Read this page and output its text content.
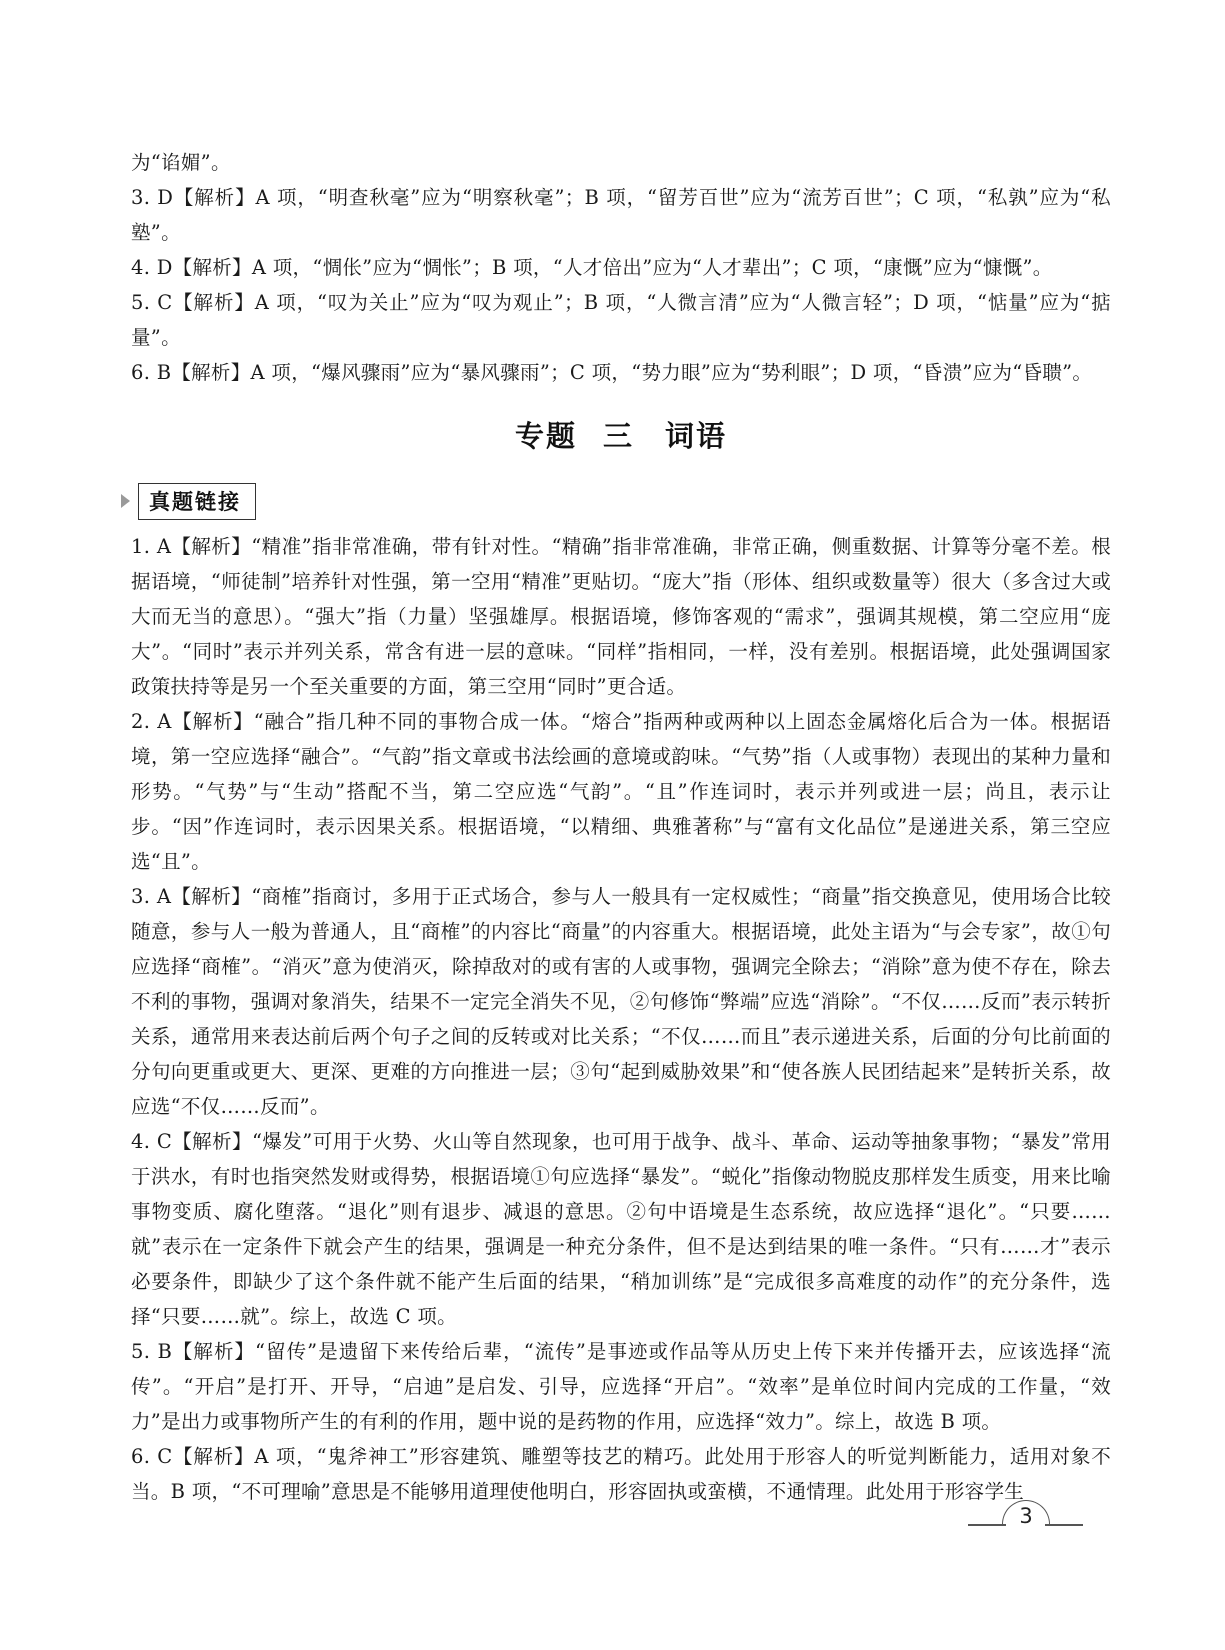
为“谄媚”。

3. D【解析】A 项，“明查秋毫”应为“明察秋毫”；B 项，“留芳百世”应为“流芳百世”；C 项，“私孰”应为“私塾”。

4. D【解析】A 项，“惆伥”应为“惆怅”；B 项，“人才倍出”应为“人才辈出”；C 项，“康慨”应为“慷慨”。

5. C【解析】A 项，“叹为关止”应为“叹为观止”；B 项，“人微言清”应为“人微言轻”；D 项，“惦量”应为“掂量”。

6. B【解析】A 项，“爆风骤雨”应为“暴风骤雨”；C 项，“势力眼”应为“势利眼”；D 项，“昏溃”应为“昏聩”。

专题 三　词语
真题链接

1. A【解析】“精准”指非常准确，带有针对性。“精确”指非常准确，非常正确，侧重数据、计算等分毫不差。根据语境，“师徒制”培养针对性强，第一空用“精准”更贴切。“庞大”指（形体、组织或数量等）很大（多含过大或大而无当的意思）。“强大”指（力量）坚强雄厚。根据语境，修饰客观的“需求”，强调其规模，第二空应用“庞大”。“同时”表示并列关系，常含有进一层的意味。“同样”指相同，一样，没有差别。根据语境，此处强调国家政策扶持等是另一个至关重要的方面，第三空用“同时”更合适。

2. A【解析】“融合”指几种不同的事物合成一体。“熔合”指两种或两种以上固态金属熔化后合为一体。根据语境，第一空应选择“融合”。“气韵”指文章或书法绘画的意境或韵味。“气势”指（人或事物）表现出的某种力量和形势。“气势”与“生动”搭配不当，第二空应选“气韵”。“且”作连词时，表示并列或进一层；尚且，表示让步。“因”作连词时，表示因果关系。根据语境，“以精细、典雅著称”与“富有文化品位”是递进关系，第三空应选“且”。

3. A【解析】“商榷”指商讨，多用于正式场合，参与人一般具有一定权威性；“商量”指交换意见，使用场合比较随意，参与人一般为普通人，且“商榷”的内容比“商量”的内容重大。根据语境，此处主语为“与会专家”，故①句应选择“商榷”。“消灭”意为使消灭，除掉敌对的或有害的人或事物，强调完全除去；“消除”意为使不存在，除去不利的事物，强调对象消失，结果不一定完全消失不见，②句修饰“弊端”应选“消除”。“不仅……反而”表示转折关系，通常用来表达前后两个句子之间的反转或对比关系；“不仅……而且”表示递进关系，后面的分句比前面的分句向更重或更大、更深、更难的方向推进一层；③句“起到威胁效果”和“使各族人民团结起来”是转折关系，故应选“不仅……反而”。

4. C【解析】“爆发”可用于火势、火山等自然现象，也可用于战争、战斗、革命、运动等抽象事物；“暴发”常用于洪水，有时也指突然发财或得势，根据语境①句应选择“暴发”。“蜕化”指像动物脱皮那样发生质变，用来比喻事物变质、腐化堕落。“退化”则有退步、减退的意思。②句中语境是生态系统，故应选择“退化”。“只要……就”表示在一定条件下就会产生的结果，强调是一种充分条件，但不是达到结果的唯一条件。“只有……才”表示必要条件，即缺少了这个条件就不能产生后面的结果，“稍加训练”是“完成很多高难度的动作”的充分条件，选择“只要……就”。综上，故选 C 项。

5. B【解析】“留传”是遗留下来传给后辈，“流传”是事迹或作品等从历史上传下来并传播开去，应该选择“流传”。“开启”是打开、开导，“启迪”是启发、引导，应选择“开启”。“效率”是单位时间内完成的工作量，“效力”是出力或事物所产生的有利的作用，题中说的是药物的作用，应选择“效力”。综上，故选 B 项。

6. C【解析】A 项，“鬼斧神工”形容建筑、雕塑等技艺的精巧。此处用于形容人的听觉判断能力，适用对象不当。B 项，“不可理喻”意思是不能够用道理使他明白，形容固执或蛮横，不通情理。此处用于形容学生

3
